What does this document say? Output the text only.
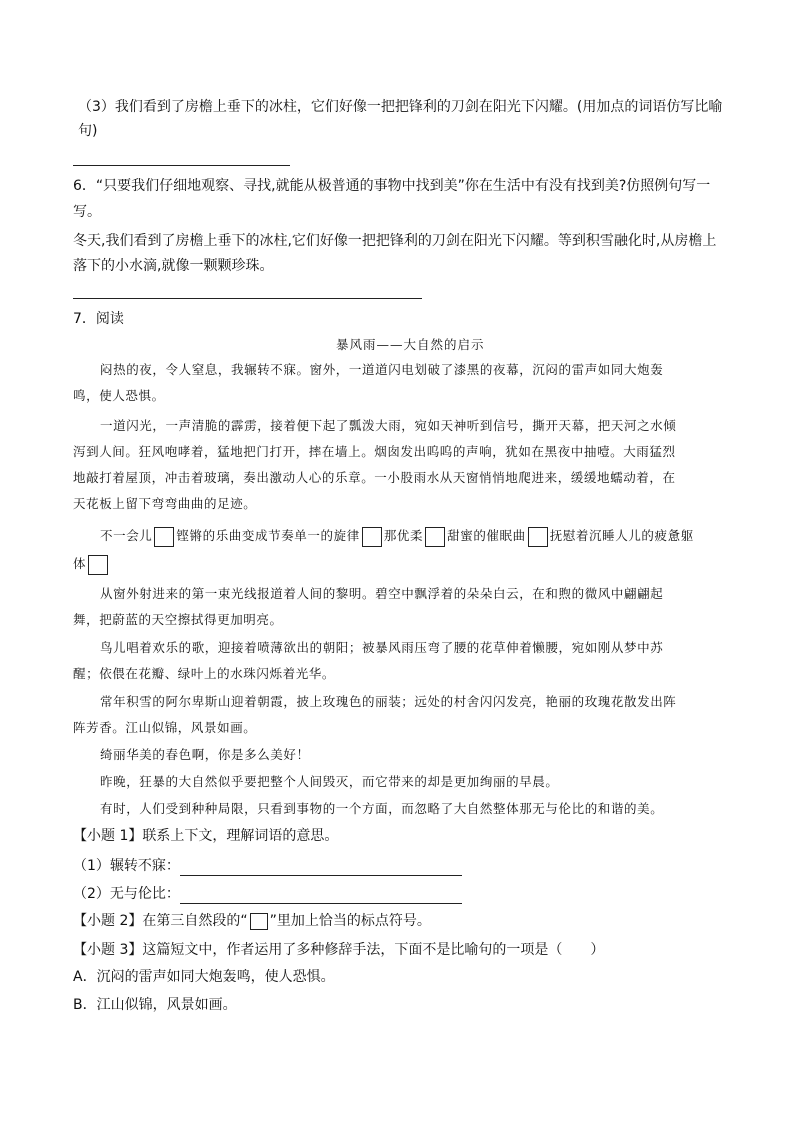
（3）我们看到了房檐上垂下的冰柱，它们好像一把把锋利的刀剑在阳光下闪耀。(用加点的词语仿写比喻
句)
6．“只要我们仔细地观察、寻找,就能从极普通的事物中找到美”你在生活中有没有找到美?仿照例句写一
写。
冬天,我们看到了房檐上垂下的冰柱,它们好像一把把锋利的刀剑在阳光下闪耀。等到积雪融化时,从房檐上
落下的小水滴,就像一颗颗珍珠。
7．阅读
暴风雨——大自然的启示
闷热的夜，令人窒息，我辗转不寐。窗外，一道道闪电划破了漆黑的夜幕，沉闷的雷声如同大炮轰
鸣，使人恐惧。
一道闪光，一声清脆的霹雳，接着便下起了瓢泼大雨，宛如天神听到信号，撕开天幕，把天河之水倾
泻到人间。狂风咆哮着，猛地把门打开，摔在墙上。烟囱发出呜呜的声响，犹如在黑夜中抽噎。大雨猛烈
地敲打着屋顶，冲击着玻璃，奏出激动人心的乐章。一小股雨水从天窗悄悄地爬进来，缓缓地蠕动着，在
天花板上留下弯弯曲曲的足迹。
不一会儿 铿锵的乐曲变成节奏单一的旋律 那优柔 甜蜜的催眠曲 抚慰着沉睡人儿的疲惫躯
体
从窗外射进来的第一束光线报道着人间的黎明。碧空中飘浮着的朵朵白云，在和煦的微风中翩翩起
舞，把蔚蓝的天空擦拭得更加明亮。
鸟儿唱着欢乐的歌，迎接着喷薄欲出的朝阳；被暴风雨压弯了腰的花草伸着懒腰，宛如刚从梦中苏
醒；依偎在花瓣、绿叶上的水珠闪烁着光华。
常年积雪的阿尔卑斯山迎着朝霞，披上玫瑰色的丽装；远处的村舍闪闪发亮，艳丽的玫瑰花散发出阵
阵芳香。江山似锦，风景如画。
绮丽华美的春色啊，你是多么美好！
昨晚，狂暴的大自然似乎要把整个人间毁灭，而它带来的却是更加绚丽的早晨。
有时，人们受到种种局限，只看到事物的一个方面，而忽略了大自然整体那无与伦比的和谐的美。
【小题 1】联系上下文，理解词语的意思。
（1）辗转不寐：
（2）无与伦比：
【小题 2】在第三自然段的“ ”里加上恰当的标点符号。
【小题 3】这篇短文中，作者运用了多种修辞手法，下面不是比喻句的一项是（　　）
A．沉闷的雷声如同大炮轰鸣，使人恐惧。
B．江山似锦，风景如画。
